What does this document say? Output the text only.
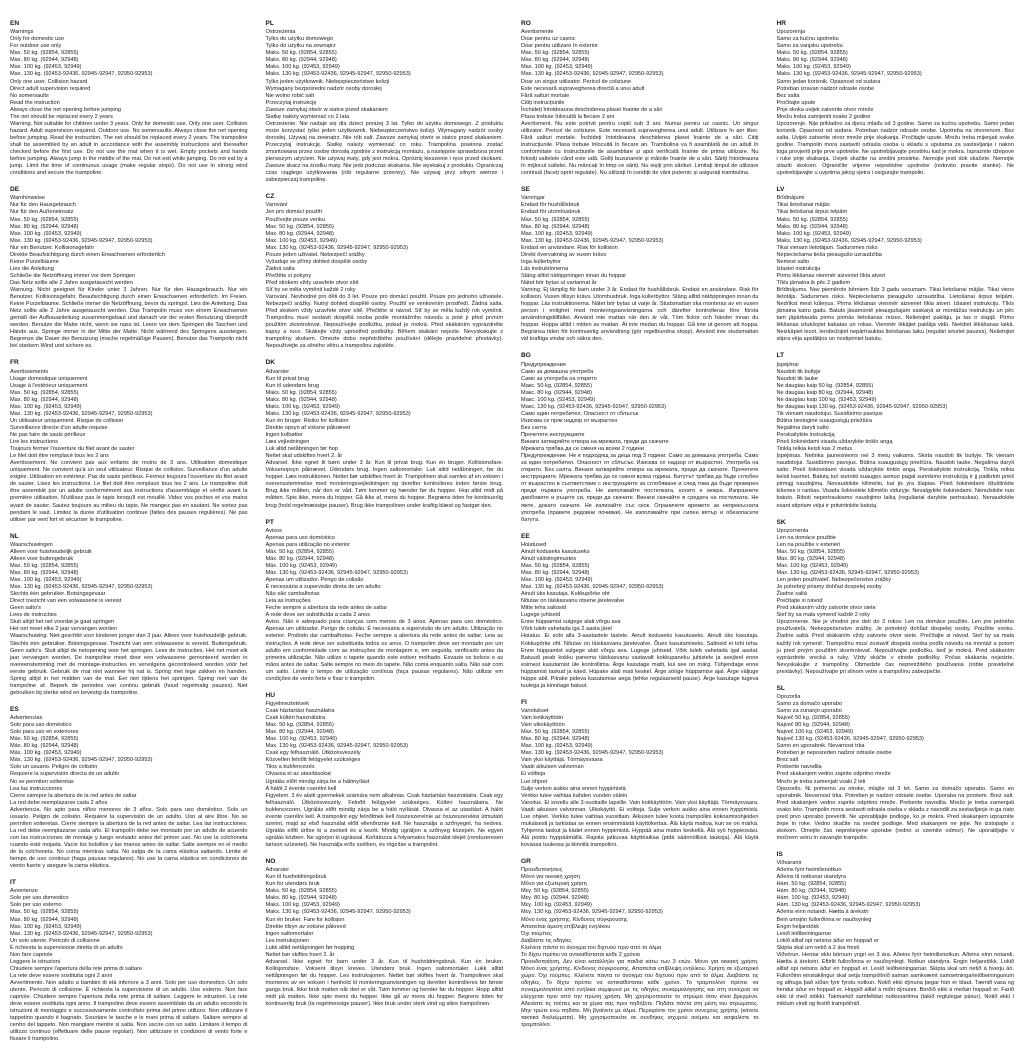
EN
Warnings
Only for domestic use
For outdoor use only
Max. 50 kg. (92854, 92855)
Max. 80 kg. (92944, 92948)
Max. 100 kg. (92453, 92949)
Max. 130 kg. (92453-92436, 92945-92947, 92950-92953)
Only one user. Collision hazard
Direct adult supervision required
No somersaults
Read the instruction
Always close the net opening before jumping
The net should be replaced every 2 years
Warning. Not suitable for children under 3 years. Only for domestic use. Only one user. Collision hazard. Adult supervision required. Outdoor use. No somersaults. Always close the net opening before jumping. Read the instruction. The net should be replaced every 2 years. The trampoline shall be assembled by an adult in accordance with the assembly instructions and thereafter checked before the first use. Do not use the mat when it is wet. Empty pockets and hands before jumping. Always jump in the middle of the mat. Do not exit while jumping. Do not eat by a jump. Limit the time of continuous usage (make regular stops). Do not use in strong wind conditions and secure the trampoline.
DE
Warnhinweise
Nur für den Hausgebrauch
Nur für den Außeneinsatz
Max. 50 kg. (92854, 92855)
Max. 80 kg. (92944, 92948)
Max. 100 kg. (92453, 92949)
Max. 130 kg. (92453-92436, 92945-92947, 92950-92953)
Nur ein Benutzer. Kollisionsgefahr
Direkte Beaufsichtigung durch einen Erwachsenen erforderlich
Keine Purzelbäume
Lies die Anleitung
Schließe die Netzöffnung immer vor dem Springen
Das Netz sollte alle 2 Jahre ausgetauscht werden
Warnung. Nicht geeignet für Kinder unter 3 Jahren. Nur für den Hausgebrauch. Nur ein Benutzer. Kollisionsgefahr. Beaufsichtigung durch einen Erwachsenen erforderlich. Im Freien. Keine Purzelbäume. Schließe immer die Netzöffnung, bevor du springst. Lies die Anleitung. Das Netz sollte alle 2 Jahre ausgetauscht werden. Das Trampolin muss von einem Erwachsenen gemäß der Aufbauanleitung zusammengebaut und danach vor der ersten Benutzung überprüft werden. Benutze die Matte nicht, wenn sie nass ist. Leere vor dem Springen die Taschen und Hände aus. Springe immer in der Mitte der Matte. Nicht während des Springens aussteigen. Begrenze die Dauer der Benutzung (mache regelmäßige Pausen). Benutze das Trampolin nicht bei starkem Wind und sichere es.
FR
Avertissements
Usage domestique uniquement
Usage à l'extérieur uniquement
Max. 50 kg. (92854, 92855)
Max. 80 kg. (92944, 92948)
Max. 100 kg. (92453, 92949)
Max. 130 kg. (92453-92436, 92945-92947, 92950-92953)
Un utilisateur uniquement. Risque de collision
Surveillance directe d'un adulte requise
Ne pas faire de sauts périlleux
Lire les instructions
Toujours fermer l'ouverture du filet avant de sauter
Le filet doit être remplacé tous les 2 ans
Avertissement. Ne convient pas aux enfants de moins de 3 ans. Utilisation domestique uniquement. Ne convient qu'à un seul utilisateur. Risque de collision. Surveillance d'un adulte exigée. Utilisation en extérieur. Pas de sauts périlleux. Fermez toujours l'ouverture du filet avant de sauter. Lisez les instructions. Le filet doit être remplacé tous les 2 ans. Le trampoline doit être assemblé par un adulte conformément aux instructions d'assemblage et vérifié avant la première utilisation. N'utilisez pas le tapis lorsqu'il est mouillé. Videz vos poches et vos mains avant de sauter. Sautez toujours au milieu du tapis. Ne mangez pas en sautant. Ne sortez pas pendant le saut. Limitez la durée d'utilisation continue (faites des pauses régulières). Ne pas utiliser par vent fort et sécuriser le trampoline.
NL
Waarschuwingen
Alleen voor huishoudelijk gebruik
Alleen voor buitengebruik
Max. 50 kg. (92854, 92855)
Max. 80 kg. (92944, 92948)
Max. 100 kg. (92453, 92949)
Max. 130 kg. (92453-92436, 92945-92947, 92950-92953)
Slechts één gebruiker. Botsingsgevaar
Direct toezicht van een volwassene is vereist
Geen salto's
Lees de instructies
Sluit altijd het net voordat je gaat springen
Het net moet elke 2 jaar vervangen worden
Waarschuwing. Niet geschikt voor kinderen jonger dan 3 jaar. Alleen voor huishoudelijk gebruik. Slechts één gebruiker. Botsingsgevaar. Toezicht van een volwassene is vereist. Buitengebruik. Geen salto's. Sluit altijd de netopening voor het springen. Lees de instructies. Het net moet elk jaar vervangen worden. De trampoline moet door een volwassene gemonteerd worden in overeenstemming met de montage-instructies en vervolgens gecontroleerd worden vóór het eerste gebruik. Gebruik de mat niet wanneer hij nat is. Spring met lege zakken en handen. Spring altijd in het midden van de mat. Eet niet tijdens het springen. Spring niet van de trampoline af. Beperk de periodes van continu gebruik (houd regelmatig pauzes). Niet gebruiken bij sterke wind en bevestig de trampoline.
ES
Advertencias
Solo para uso doméstico
Solo para uso en exteriores
Máx. 50 kg. (92854, 92855)
Máx. 80 kg. (92944, 92948)
Máx. 100 kg. (92453, 92949)
Máx. 130 kg. (92453-92436, 92945-92947, 92950-92953)
Solo un usuario. Peligro de colisión
Requiere la supervisión directa de un adulto
No se permiten volteretas
Lea las instrucciones
Cierre siempre la abertura de la red antes de saltar
La red debe reemplazarse cada 2 años
Advertencia. No apto para niños menores de 3 años. Solo para uso doméstico. Solo un usuario. Peligro de colisión. Requiere la supervisión de un adulto. Uso al aire libre. No se permiten volteretas. Cierre siempre la abertura de la red antes de saltar. Lea las instrucciones. La red debe reemplazarse cada año. El trampolín debe ser montado por un adulto de acuerdo con las instrucciones de montaje y luego revisado antes del primer uso. No use la colchoneta cuando esté mojada. Vacíe los bolsillos y las manos antes de saltar. Salte siempre en el medio de la colchoneta. No coma mientras salta. No salga de la cama elástica saltando. Limite el tiempo de uso continuo (haga pausas regulares). No use la cama elástica en condiciones de viento fuerte y asegure la cama elástica.
IT
Avvertenze
Solo per uso domestico
Solo per uso esterno
Max. 50 kg. (92854, 92855)
Max. 80 kg. (92944, 92948)
Max. 100 kg. (92453, 92949)
Max. 130 kg. (92453-92436, 92945-92947, 92950-92953)
Un solo utente. Pericolo di collisione
È richiesta la supervisione diretta di un adulto
Non fare capriole
Leggere le istruzioni
Chiudere sempre l'apertura della rete prima di saltare
La rete deve essere sostituita ogni 2 anni
Avvertimento. Non adatto a bambini di età inferiore a 3 anni. Solo per uso domestico. Un solo utente. Pericolo di collisione. È richiesta la supervisione di un adulto. Uso esterno. Non fare capriole. Chiudere sempre l'apertura della rete prima di saltare. Leggere le istruzioni. La rete deve essere sostituita ogni anno. Il trampolino deve essere assemblato da un adulto secondo le istruzioni di montaggio e successivamente controllato prima del primo utilizzo. Non utilizzare il tappetino quando è bagnato. Svuotare le tasche e le mani prima di saltare. Saltare sempre al centro del tappeto. Non mangiare mentre si salta. Non uscire con un salto. Limitare il tempo di utilizzo continuo (effettuare delle pause regolari). Non utilizzare in condizioni di vento forte e fissare il trampolino.
PL
Ostrzeżenia
Tylko do użytku domowego
Tylko do użytku na zewnątrz
Maks. 50 kg. (92854, 92855)
Maks. 80 kg. (92944, 92948)
Maks. 100 kg. (92453, 92949)
Maks. 130 kg. (92453-92436, 92945-92947, 92950-92953)
Tylko jeden użytkownik. Niebezpieczeństwo kolizji
Wymagany bezpośredni nadzór osoby dorosłej
Nie wolno robić salt
Przeczytaj instrukcję
Zawsze zamykaj otwór w siatce przed skakaniem
Siatkę należy wymieniać co 2 lata
Ostrzeżenie. Nie nadaje się dla dzieci poniżej 3 lat. Tylko do użytku domowego. Z produktu może korzystać tylko jeden użytkownik. Niebezpieczeństwo kolizji. Wymagany nadzór osoby dorosłej. Używaj na zewnątrz. Nie rób salt. Zawsze zamykaj otwór w siatce przed skakaniem. Przeczytaj instrukcję. Siatkę należy wymieniać co roku. Trampolina powinna zostać zmontowana przez osobę dorosłą zgodnie z instrukcją montażu, a następnie sprawdzona przed pierwszym użyciem. Nie używaj maty, gdy jest mokra. Opróżnij kieszenie i ręce przed skokami. Zawsze skacz na środku maty. Nie jedz podczas skakania. Nie wyskakuj z produktu. Ograniczaj czas ciągłego użytkowania (rób regularne przerwy). Nie używaj przy silnym wietrze i zabezpieczaj trampolinę.
CZ
Varování
Jen pro domácí použití
Používejte pouze venku
Max. 50 kg. (92854, 92855)
Max. 80 kg. (92944, 92948)
Max. 100 kg. (92453, 92949)
Max. 130 kg. (92453-92436, 92945-92947, 92950-92953)
Pouze jeden uživatel. Nebezpečí srážky
Vyžaduje se přímý dohled dospělé osoby
Žádná salta
Přečtěte si pokyny
Před skokem vždy uzavřete otvor sítě
Síť by se měla vyměnit každé 2 roky
Varování. Nevhodné pro děti do 3 let. Pouze pro domácí použití. Pouze pro jednoho uživatele. Nebezpečí srážky. Nutný dohled dospělé osoby. Použití ve venkovním prostředí. Žádná salta. Před skokem vždy uzavřete otvor sítě. Přečtěte si návod. Síť by se měla každý rok vyměnit. Trampolínu musí sestavit dospělá osoba podle montážního návodu a poté ji před prvním použitím zkontrolovat. Nepoužívejte podložku, pokud je mokrá. Před skákáním vyprázdněte kapsy a ruce. Skákejte vždy uprostřed podložky. Během skákání nejezte. Nevyskakujte z trampolíny skokem. Omezte dobu nepřetržitého používání (dělejte pravidelné přestávky). Nepoužívejte za silného větru a trampolínu zajistěte.
DK
Advarsler
Kun til privat brug
Kun til udendørs brug
Maks. 50 kg. (92854, 92855)
Maks. 80 kg. (92944, 92948)
Maks. 100 kg. (92453, 92949)
Maks. 130 kg. (92453-92436, 92945-92947, 92950-92953)
Kun én bruger. Risiko for kollision
Direkte opsyn af voksne påkrævet
Ingen kolbøtter
Læs vejledningen
Luk altid netåbningen før hop
Nettet skal udskiftes hvert 2. år
Advarsel. Ikke egnet til børn under 3 år. Kun til privat brug. Kun én bruger. Kollisionsfare. Voksenopsyn påkrævet. Udendørs brug. Ingen saltomortaler. Luk altid netåbningen, før du hopper. Læs instruktionen. Nettet bør udskiftes hvert år. Trampolinen skal samles af en voksen i overensstemmelse med monteringsvejledningen og derefter kontrolleres inden første brug. Brug ikke måtten, når den er våd. Tøm lommer og hænder før du hopper. Hop altid midt på måtten. Spis ikke, mens du hopper. Gå ikke af, mens du hopper. Begræns tiden for kontinuerlig brug (hold regelmæssige pauser). Brug ikke trampolinen under kraftig blæst og fastgør den.
PT
Avisos
Apenas para uso doméstico
Apenas para utilização no exterior
Máx. 50 kg. (92854, 92855)
Máx. 80 kg. (92944, 92948)
Máx. 100 kg. (92453, 92949)
Máx. 130 kg. (92453-92436, 92945-92947, 92950-92953)
Apenas um utilizador. Perigo de colisão
É necessária a supervisão direta de um adulto
Não são cambalhotas
Leia as instruções
Feche sempre a abertura da rede antes de saltar
A rede deve ser substituída a cada 2 anos
Aviso. Não é adequado para crianças com menos de 3 anos. Apenas para uso doméstico. Apenas um utilizador. Perigo de colisão. É necessária a supervisão de um adulto. Utilização no exterior. Proibido dar cambalhotas. Feche sempre a abertura da rede antes de saltar. Leia as instruções. A rede deve ser substituída todos os anos. O trampolim deve ser montado por um adulto em conformidade com as instruções de montagem e, em seguida, verificado antes da primeira utilização. Não utilize o tapete quando este estiver molhado. Esvazie os bolsos e as mãos antes de saltar. Salte sempre no meio do tapete. Não coma enquanto salta. Não sair com um salto. Limite o tempo de utilização contínua (faça pausas regulares). Não utilizar em condições de vento forte e fixar o trampolim.
HU
Figyelmeztetések
Csak háztartási használatra
Csak kültéri használatra
Max. 50 kg. (92854, 92855)
Max. 80 kg. (92944, 92948)
Max. 100 kg. (92453, 92949)
Max. 130 kg. (92453-92436, 92945-92947, 92950-92953)
Csak egy felhasználó. Ütközésveszély
Közvetlen felnőtt felügyelet szükséges
Tilos a bukfencezés
Olvassa el az utasításokat
Ugrálás előtt mindig zárja be a hálónyílást
A hálót 2 évente cserélni kell
Figyelem. 3 év alatti gyermekek számára nem alkalmas. Csak háztartási használatra. Csak egy felhasználó. Ütközésveszély. Felnőtt felügyelet szükséges. Kültéri használatra. Ne bukfencezzen. Ugrálás előtt mindig zárja be a háló nyílását. Olvassa el az utasítást. A hálót évente cserélni kell. A trampolint egy felnőttnek kell összeszerelnie az összeszerelési útmutató szerint, majd az első használat előtt ellenőriznie kell. Ne használja a szőnyeget, ha nedves. Ugrálás előtt ürítse ki a zsebeit és a kezét. Mindig ugráljon a szőnyeg közepén. Ne egyen ugrálás közben. Ne ugorjon ki ugrással. Korlátozza a folyamatos használat idejét (rendszeresen tartson szünetet). Ne használja erős szélben, és rögzítse a trampolint.
NO
Advarsler
Kun til husholdningsbruk
Kun for utendørs bruk
Maks. 50 kg. (92854, 92855)
Maks. 80 kg. (92944, 92948)
Maks. 100 kg. (92453, 92949)
Maks. 130 kg. (92453-92436, 92945-92947, 92950-92953)
Kun én bruker. Fare for kollisjon
Direkte tilsyn av voksne påkrevd
Ingen saltomortaler
Les instruksjonen
Lukk alltid nettåpningen før hopping
Nettet bør skiftes hvert 2. år
Advarsel. Ikke egnet for barn under 3 år. Kun til husholdningsbruk. Kun én bruker. Kollisjonsfare. Voksent tilsyn kreves. Utendørs bruk. Ingen saltomortaler. Lukk alltid nettåpningen før du hopper. Les instruksjonen. Nettet bør skiftes hvert år. Trampolinen skal monteres av en voksen i henhold til monteringsanvisningen og deretter kontrolleres før første gangs bruk. Ikke bruk matten når den er våt. Tøm lommer og hender før du hopper. Hopp alltid midt på matten. Ikke spis mens du hopper. Ikke gå av mens du hopper. Begrens tiden for kontinuerlig bruk (ta regelmessige pauser). Ikke bruk under sterk vind og sikre trampolinen.
RO
Avertismente
Doar pentru uz casnic
Doar pentru utilizare în exterior
Max. 50 kg. (92854, 92855)
Max. 80 kg. (92944, 92948)
Max. 100 kg. (92453, 92949)
Max. 130 kg. (92453-92436, 92945-92947, 92950-92953)
Doar un singur utilizator. Pericol de coliziune
Este necesară supravegherea directă a unui adult
Fără salturi mortale
Citiți instrucțiunile
Închideți întotdeauna deschiderea plasei înainte de a sări
Plasa trebuie înlocuită la fiecare 2 ani
Avertisment. Nu este potrivit pentru copiii sub 3 ani. Numai pentru uz casnic. Un singur utilizator. Pericol de coliziune. Este necesară supravegherea unui adult. Utilizare în aer liber. Fără salturi mortale. Închideți întotdeauna deschiderea plasei înainte de a sări. Citiți instrucțiunile. Plasa trebuie înlocuită în fiecare an. Trambulina va fi asamblată de un adult în conformitate cu instrucțiunile de asamblare și apoi verificată înainte de prima utilizare. Nu folosiți saltelele când este udă. Goliți buzunarele și mâinile înainte de a sări. Săriți întotdeauna în mijlocul saltelei. Nu mâncați în timp ce săriți. Nu ieșiți prin sărituri. Limitați timpul de utilizare continuă (faceți opriri regulate). Nu utilizați în condiții de vânt puternic și asigurați trambulina.
SE
Varningar
Endast för hushållsbruk
Endast för utomhusbruk
Max. 50 kg. (92854, 92855)
Max. 80 kg. (92944, 92948)
Max. 100 kg. (92453, 92949)
Max. 130 kg. (92453-92436, 92945-92947, 92950-92953)
Endast en användare. Risk för kollision
Direkt övervakning av vuxen krävs
Inga kullerbyttor
Läs instruktionerna
Stäng alltid nätöppningen innan du hoppar
Nätet bör bytas ut vartannat år
Varning. Ej lämplig för barn under 3 år. Endast för hushållsbruk. Endast en användare. Risk för kollision. Vuxen tillsyn krävs. Utomhusbruk. Inga kullerbyttor. Stäng alltid nätöppningen innan du hoppar. Läs instruktionerna. Nätet bör bytas ut varje år. Studsmattan ska monteras av en vuxen person i enlighet med monteringsanvisningarna och därefter kontrolleras före första användningstillfället. Använd inte mattan när den är våt. Töm fickor och händer innan du hoppar. Hoppa alltid i mitten av mattan. Ät inte medan du hoppar. Gå inte ut genom att hoppa. Begränsa tiden för kontinuerlig användning (gör regelbundna stopp). Använd inte studsmattan vid kraftiga vindar och säkra den.
BG
Предупреждения
Само за домашна употреба
Само за употреба на открито
Макс. 50 kg. (92854, 92855)
Макс. 80 kg. (92944, 92948)
Макс. 100 kg. (92453, 92949)
Макс. 130 kg. (92453-92436, 92945-92947, 92950-92953)
Само един потребител. Опасност от сблъсък
Изисква се пряк надзор от възрастен
Без салта
Прочетете инструкциите
Винаги затваряйте отвора на мрежата, преди да скачате
Мрежата трябва да се сменя на всеки 2 години
Предупреждение. Не е подходящ за деца под 3 години. Само за домашна употреба. Само за един потребител. Опасност от сблъсък. Изисква се надзор от възрастен. Употреба на открито. Без салта. Винаги затваряйте отвора на мрежата, преди да скачате. Прочетете инструкциите. Мрежата трябва да се сменя всяка година. Батутът трябва да бъде сглобен от възрастен в съответствие с инструкциите за сглобяване и след това да бъде проверен преди първата употреба. Не използвайте постелката, когато е мокра. Изпразнете джобовете и ръцете си, преди да скачате. Винаги скачайте в средата на постелката. Не яжте, докато скачате. Не излизайте със скок. Ограничете времето за непрекъсната употреба (правете редовни почивки). Не използвайте при силен вятър и обезопасете батута.
EE
Hoiatused
Ainult koduseks kasutuseks
Ainult välistingimustes
Max. 50 kg. (92854, 92855)
Max. 80 kg. (92944, 92948)
Max. 100 kg. (92453, 92949)
Max. 130 kg. (92453-92436, 92945-92947, 92950-92953)
Ainult üks kasutaja. Kokkupõrke oht
Nõutav on täiskasvanu otsene järelevalve
Mitte teha saltosid
Lugege juhiseid
Enne hüppamist sulgege alati võrgu ava
Võrk tuleb vahetada iga 2 aasta järel
Hoiatus. Ei sobi alla 3-aastastele lastele. Ainult koduseks kasutuseks. Ainult üks kasutaja. Kokkupõrke oht. Nõutav on täiskasvanu järelevalve. Õues kasutamiseks. Saltosid ei tohi teha. Enne hüppamist sulgege alati võrgu ava. Lugege juhiseid. Võrk tuleb vahetada igal aastal. Batuudi peab kokku panema täiskasvanu vastavalt kokkupaneku juhistele ja seejärel enne esimest kasutamist üle kontrollima. Ärge kasutage matti, kui see on märg. Tühjendage enne hüppamist taskud ja käed. Hüpake alati mati keskel. Ärge sööge hüppamise ajal. Ärge väljuge hüppe abil. Piirake pideva kasutamise aega (tehke regulaarseid pause). Ärge kasutage tugeva tuulega ja kinnitage batuut.
FI
Varoitukset
Vain kotikäyttöön
Vain ulkokäyttöön
Max. 50 kg. (92854, 92855)
Max. 80 kg. (92944, 92948)
Max. 100 kg. (92453, 92949)
Max. 130 kg. (92453-92436, 92945-92947, 92950-92953)
Vain yksi käyttäjä. Törmäysvaara
Vaatii aikuisen valvonnan
Ei voltteja
Lue ohjeet
Sulje verkon aukko aina ennen hyppimistä
Verkko tulee vaihtaa kahden vuoden välein
Varoitus. Ei sovellu alle 3-vuotiaille lapsille. Vain kotikäyttöön. Vain yksi käyttäjä. Törmäysvaara. Vaatii aikuisen valvonnan. Ulkokäyttö. Ei voltteja. Sulje verkon aukko aina ennen hyppimistä. Lue ohjeet. Verkko tulee vaihtaa vuosittain. Aikuisen tulee koota trampoliini kokoamisohjeiden mukaisesti ja tarkistaa se ennen ensimmäistä käyttökertaa. Älä käytä mattoa, kun se on märkä. Tyhjennä taskut ja kädet ennen hyppimistä. Hyppää aina maton keskellä. Älä syö hyppiessäsi. Älä poistu hyppäämällä. Rajoita jatkuvaa käyttöaikaa (pidä säännöllisiä taukoja). Älä käytä kovassa tuulessa ja kiinnitä trampoliini.
GR
Προειδοποιήσεις
Μόνο για οικιακή χρήση
Μόνο για εξωτερική χρήση
Μεγ. 50 kg. (92854, 92855)
Μεγ. 80 kg. (92944, 92948)
Μεγ. 100 kg. (92453, 92949)
Μεγ. 130 kg. (92453-92436, 92945-92947, 92950-92953)
Μόνο ένας χρήστης. Κίνδυνος σύγκρουσης
Απαιτείται άμεση επίβλεψη ενηλίκου
Όχι τούμπες
Διαβάστε τις οδηγίες
Κλείνετε πάντα το άνοιγμα του διχτυού πριν από το άλμα
Το δίχτυ πρέπει να αντικαθίσταται κάθε 2 χρόνια
Προειδοποίηση. Δεν είναι κατάλληλο για παιδιά κάτω των 3 ετών. Μόνο για οικιακή χρήση. Μόνο ένας χρήστης. Κίνδυνος σύγκρουσης. Απαιτείται επίβλεψη ενηλίκου. Χρήση σε εξωτερικό χώρο. Όχι τούμπες. Κλείνετε πάντα το άνοιγμα του διχτυού πριν από το άλμα. Διαβάστε τις οδηγίες. Το δίχτυ πρέπει να αντικαθίσταται κάθε χρόνο. Το τραμπολίνο πρέπει να συναρμολογείται από ενήλικα σύμφωνα με τις οδηγίες συναρμολόγησης και στη συνέχεια να ελέγχεται πριν από την πρώτη χρήση. Μη χρησιμοποιείτε το στρώμα όταν είναι βρεγμένο. Αδειάστε τις τσέπες και τα χέρια σας πριν πηδήξετε. Πηδάτε πάντα στη μέση του στρώματος. Μην τρώτε ενώ πηδάτε. Μη βγαίνετε με άλμα. Περιορίστε τον χρόνο συνεχούς χρήσης (κάνετε τακτικά διαλείμματα). Μη χρησιμοποιείτε σε συνθήκες ισχυρού ανέμου και ασφαλίστε το τραμπολίνο.
HR
Upozorenja
Samo za kućnu upotrebu
Samo za vanjsku upotrebu
Maks. 50 kg. (92854, 92855)
Maks. 80 kg. (92944, 92948)
Maks. 100 kg. (92453, 92949)
Maks. 130 kg. (92453-92436, 92945-92947, 92950-92953)
Samo jedan korisnik. Opasnost od sudara
Potreban izravan nadzor odrasle osobe
Bez salta
Pročitajte upute
Prije skoka uvijek zatvorite otvor mreže
Mrežu treba zamijeniti svake 2 godine
Upozorenje. Nije prikladno za djecu mlađu od 3 godine. Samo za kućnu upotrebu. Samo jedan korisnik. Opasnost od sudara. Potreban nadzor odrasle osobe. Upotreba na otvorenom. Bez salta. Uvijek zatvorite otvor mreže prije skakanja. Pročitajte upute. Mrežu treba mijenjati svake godine. Trampolin mora sastaviti odrasla osoba u skladu s uputama za sastavljanje i nakon toga provjeriti prije prve upotrebe. Ne upotrebljavajte prostirku kad je mokra. Ispraznite džepove i ruke prije skakanja. Uvijek skačite na sredini prostirke. Nemojte jesti dok skačete. Nemojte izlaziti skokom. Ograničite vrijeme neprekidne upotrebe (redovito pravite stanke). Ne upotrebljavajte u uvjetima jakog vjetra i osigurajte trampolin.
LV
Brīdinājumi
Tikai lietošanai mājās
Tikai lietošanai ārpus telpām
Maks. 50 kg. (92854, 92855)
Maks. 80 kg. (92944, 92948)
Maks. 100 kg. (92453, 92949)
Maks. 130 kg. (92453-92436, 92945-92947, 92950-92953)
Tikai vienam lietotājam. Sadursmes risks
Nepieciešama tieša pieaugušo uzraudzība
Nemest salto
Izlasiet instrukciju
Pirms lēkšanas vienmēr aizveriet tīkla atveri
Tīkls jāmaina ik pēc 2 gadiem
Brīdinājums. Nav piemērots bērniem līdz 3 gadu vecumam. Tikai lietošanai mājās. Tikai viens lietotājs. Sadursmes risks. Nepieciešama pieaugušo uzraudzība. Lietošanai ārpus telpām. Nedrīkst mest kūleņus. Pirms lēkšanas vienmēr aizveriet tīkla atveri. Izlasiet instrukciju. Tīkls jāmaina katru gadu. Batuts jāsamontē pieaugušajam saskaņā ar montāžas instrukciju un pēc tam jāpārbauda pirms pirmās lietošanas reizes. Nelietojiet paklāju, ja tas ir slapjš. Pirms lēkšanas iztukšojiet kabatas un rokas. Vienmēr lēkājiet paklāja vidū. Neēdiet lēkāšanas laikā. Neizkāpiet lecot. Ierobežojiet nepārtrauktas lietošanas laiku (regulāri ieturiet pauzes). Nelietojiet stipra vēja apstākļos un nostipriniet batutu.
LT
Įspėjimai
Naudoti tik buityje
Naudoti tik lauke
Ne daugiau kaip 50 kg. (92854, 92855)
Ne daugiau kaip 80 kg. (92944, 92948)
Ne daugiau kaip 100 kg. (92453, 92949)
Ne daugiau kaip 130 kg. (92453-92436, 92945-92947, 92950-92953)
Tik vienam naudotojui. Susidūrimo pavojus
Būtina tiesioginė suaugusiųjų priežiūra
Negalima daryti salto
Perskaitykite instrukciją
Prieš šokinėdami visada uždarykite tinklo angą
Tinklą reikia keisti kas 2 metus
Įspėjimas. Netinka jaunesniems nei 3 metų vaikams. Skirta naudoti tik buityje. Tik vienam naudotojui. Susidūrimo pavojus. Būtina suaugusiųjų priežiūra. Naudoti lauke. Negalima daryti salto. Prieš šokinėdami visada uždarykite tinklo angą. Perskaitykite instrukciją. Tinklą reikia keisti kasmet. Batutą turi surinkti suaugęs asmuo pagal surinkimo instrukciją ir jį patikrinti prieš pirmąjį naudojimą. Nenaudokite kilimėlio, kai jis yra šlapias. Prieš šokinėdami ištuštinkite kišenes ir rankas. Visada šokinėkite kilimėlio viduryje. Nevalgykite šokinėdami. Nenušokite nuo batuto. Riboti nepertraukiamo naudojimo laiką (reguliariai darykite pertraukas). Nenaudokite esant stipriam vėjui ir pritvirtinkite batutą.
SK
Upozornenia
Len na domáce použitie
Len na použitie v exteriéri
Max. 50 kg. (92854, 92855)
Max. 80 kg. (92944, 92948)
Max. 100 kg. (92453, 92949)
Max. 130 kg. (92453-92436, 92945-92947, 92950-92953)
Len jeden používateľ. Nebezpečenstvo zrážky
Je potrebný priamy dohľad dospelej osoby
Žiadne saltá
Prečítajte si návod
Pred skákaním vždy zatvorte otvor siete
Sieť by sa mala vymeniť každé 2 roky
Upozornenie. Nie je vhodné pre deti do 3 rokov. Len na domáce použitie. Len pre jedného používateľa. Nebezpečenstvo zrážky. Je potrebný dohľad dospelej osoby. Použitie vonku. Žiadne saltá. Pred skákaním vždy zatvorte otvor siete. Prečítajte si návod. Sieť by sa mala každý rok vymeniť. Trampolínu musí zostaviť dospelá osoba podľa návodu na montáž a potom ju pred prvým použitím skontrolovať. Nepoužívajte podložku, keď je mokrá. Pred skákaním vyprázdnite vrecká a ruky. Vždy skáčte v strede podložky. Počas skákania nejedzte. Nevyskakujte z trampolíny. Obmedzte čas nepretržitého používania (robte pravidelné prestávky). Nepoužívajte pri silnom vetre a trampolínu zabezpečte.
SL
Opozorila
Samo za domačo uporabo
Samo za zunanjo uporabo
Največ 50 kg. (92854, 92855)
Največ 80 kg. (92944, 92948)
Največ 100 kg. (92453, 92949)
Največ 130 kg. (92453-92436, 92945-92947, 92950-92953)
Samo en uporabnik. Nevarnost trka
Potreben je neposreden nadzor odrasle osebe
Brez salt
Preberite navodila
Pred skakanjem vedno zaprite odprtino mreže
Mrežo je treba zamenjati vsaki 2 leti
Opozorilo. Ni primerno za otroke, mlajše od 3 let. Samo za domačo uporabo. Samo en uporabnik. Nevarnost trka. Potreben je nadzor odrasle osebe. Uporaba na prostem. Brez salt. Pred skakanjem vedno zaprite odprtino mreže. Preberite navodila. Mrežo je treba zamenjati vsako leto. Trampolin mora sestaviti odrasla oseba v skladu z navodili za sestavljanje in ga nato pred prvo uporabo preveriti. Ne uporabljajte podloge, ko je mokra. Pred skakanjem izpraznite žepe in roke. Vedno skačite na sredini podloge. Med skakanjem ne jejte. Ne izstopajte s skokom. Omejite čas neprekinjene uporabe (redno si vzemite odmor). Ne uporabljajte v močnem vetru in zavarujte trampolin.
IS
Viðvaranir
Aðeins fyrir heimilisnotkun
Aðeins til notkunar utandyra
Hám. 50 kg. (92854, 92855)
Hám. 80 kg. (92944, 92948)
Hám. 100 kg. (92453, 92949)
Hám. 130 kg. (92453-92436, 92945-92947, 92950-92953)
Aðeins einn notandi. Hætta á árekstri
Bein umsjón fullorðinna er nauðsynleg
Engin heljarstökk
Lesið leiðbeiningarnar
Lokið alltaf opi netsins áður en hoppað er
Skipta skal um netið á 2 ára fresti
Viðvörun. Hentar ekki börnum yngri en 3 ára. Aðeins fyrir heimilisnotkun. Aðeins einn notandi. Hætta á árekstri. Eftirlit fullorðinna er nauðsynlegt. Notkun utandyra. Engin heljarstökk. Lokið alltaf opi netsins áður en hoppað er. Lesið leiðbeiningarnar. Skipta skal um netið á hverju ári. Fullorðinn einstaklingur skal setja trampólínið saman samkvæmt samsetningarleiðbeiningunum og athuga það síðan fyrir fyrstu notkun. Notið ekki dýnuna þegar hún er blaut. Tæmið vasa og hendur áður en hoppað er. Hoppið alltaf á miðri dýnunni. Borðið ekki á meðan hoppað er. Farið ekki út með stökki. Takmarkið samfelldan notkunartíma (takið reglulegar pásur). Notið ekki í miklum vindi og festið trampólínið.
